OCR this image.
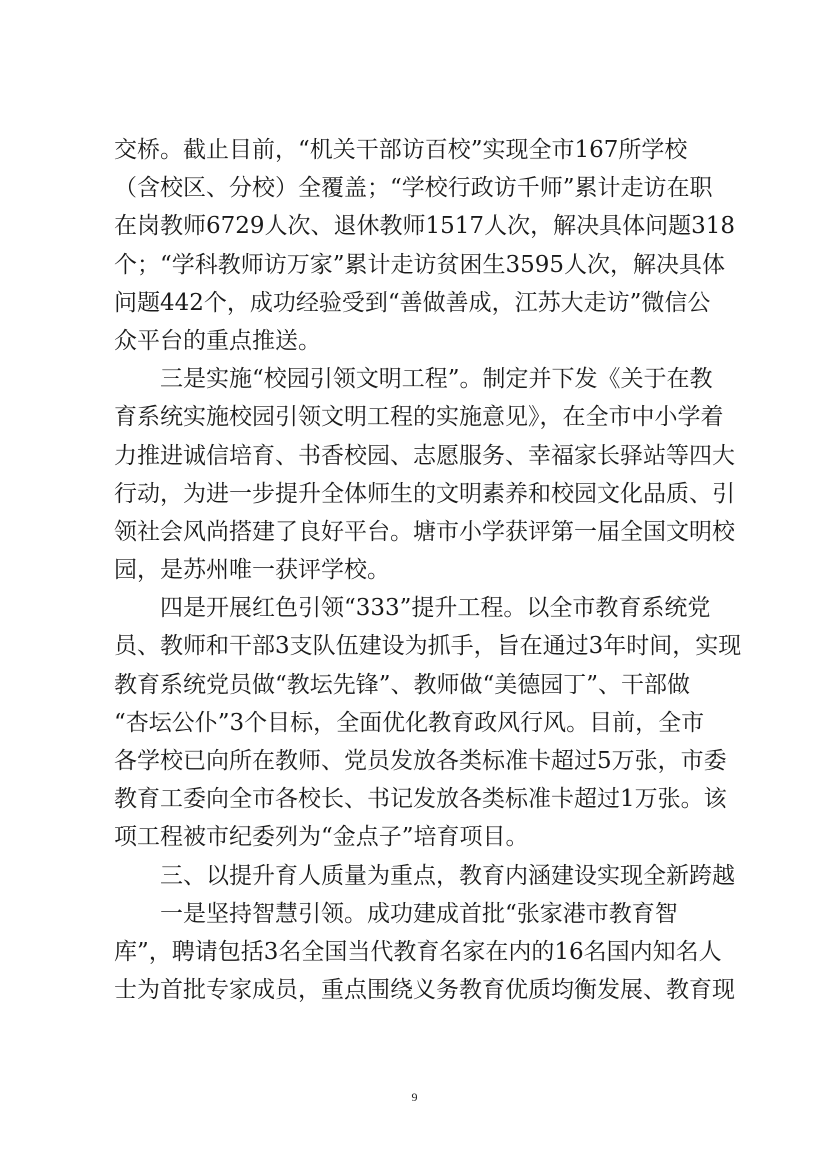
交桥。截止目前，“机关干部访百校”实现全市167所学校
（含校区、分校）全覆盖；“学校行政访千师”累计走访在职
在岗教师6729人次、退休教师1517人次，解决具体问题318
个；“学科教师访万家”累计走访贫困生3595人次，解决具体
问题442个，成功经验受到“善做善成，江苏大走访”微信公
众平台的重点推送。
　　三是实施“校园引领文明工程”。制定并下发《关于在教
育系统实施校园引领文明工程的实施意见》，在全市中小学着
力推进诚信培育、书香校园、志愿服务、幸福家长驿站等四大
行动，为进一步提升全体师生的文明素养和校园文化品质、引
领社会风尚搭建了良好平台。塘市小学获评第一届全国文明校
园，是苏州唯一获评学校。
　　四是开展红色引领“333”提升工程。以全市教育系统党
员、教师和干部3支队伍建设为抓手，旨在通过3年时间，实现
教育系统党员做“教坛先锋”、教师做“美德园丁”、干部做
“杏坛公仆”3个目标，全面优化教育政风行风。目前，全市
各学校已向所在教师、党员发放各类标准卡超过5万张，市委
教育工委向全市各校长、书记发放各类标准卡超过1万张。该
项工程被市纪委列为“金点子”培育项目。
　　三、以提升育人质量为重点，教育内涵建设实现全新跨越
　　一是坚持智慧引领。成功建成首批“张家港市教育智
库”，聘请包括3名全国当代教育名家在内的16名国内知名人
士为首批专家成员，重点围绕义务教育优质均衡发展、教育现
9
